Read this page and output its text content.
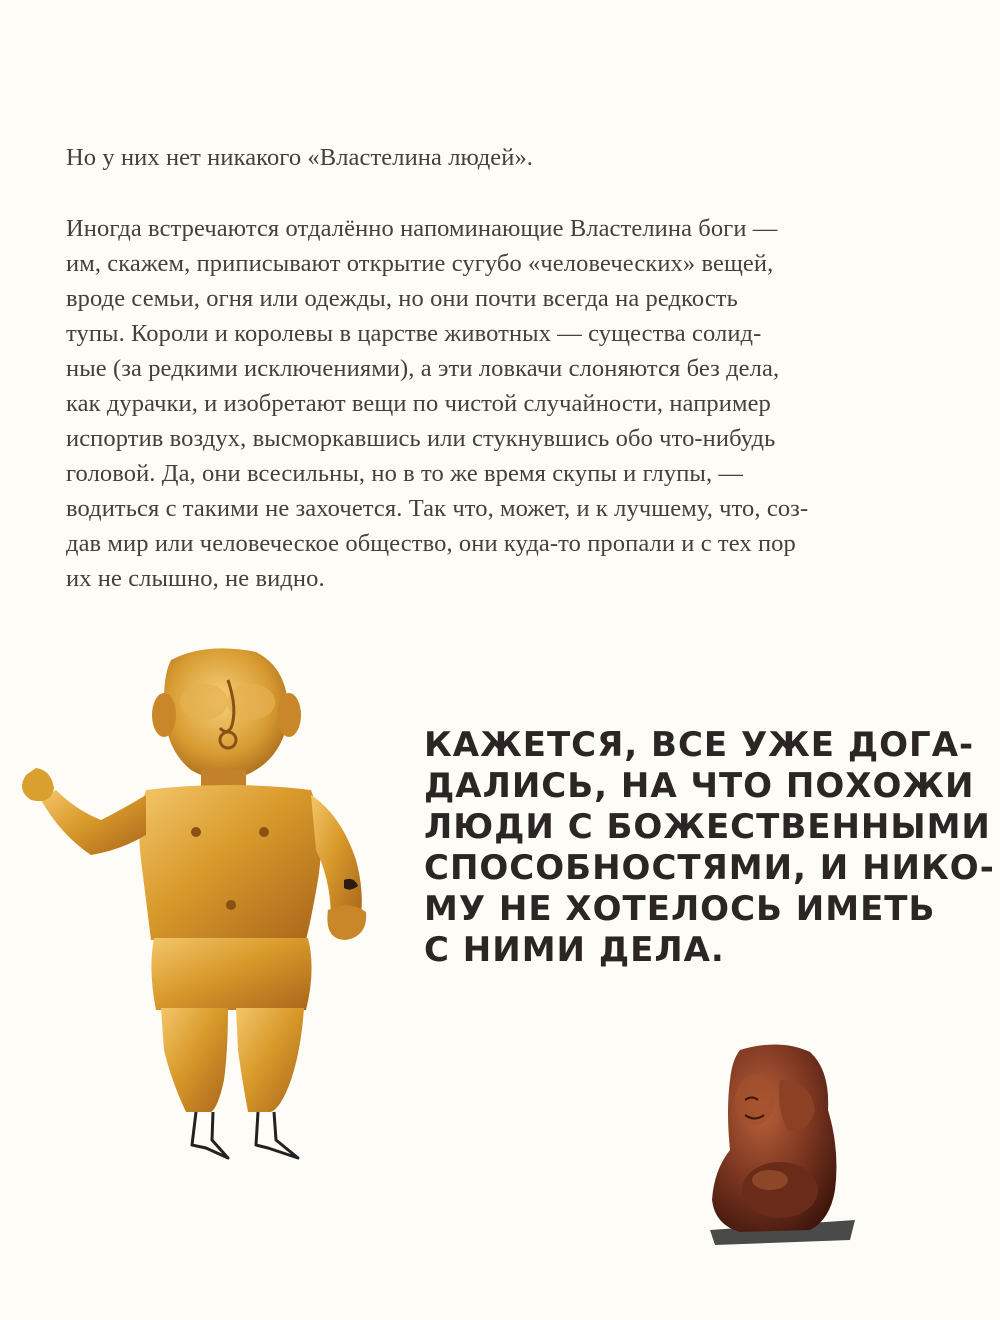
Но у них нет никакого «Властелина людей».
Иногда встречаются отдалённо напоминающие Властелина боги —
им, скажем, приписывают открытие сугубо «человеческих» вещей,
вроде семьи, огня или одежды, но они почти всегда на редкость
тупы. Короли и королевы в царстве животных — существа солид-
ные (за редкими исключениями), а эти ловкачи слоняются без дела,
как дурачки, и изобретают вещи по чистой случайности, например
испортив воздух, высморкавшись или стукнувшись обо что-нибудь
головой. Да, они всесильны, но в то же время скупы и глупы, —
водиться с такими не захочется. Так что, может, и к лучшему, что, соз-
дав мир или человеческое общество, они куда-то пропали и с тех пор
их не слышно, не видно.
КАЖЕТСЯ, ВСЕ УЖЕ ДОГА-
ДАЛИСЬ, НА ЧТО ПОХОЖИ
ЛЮДИ С БОЖЕСТВЕННЫМИ
СПОСОБНОСТЯМИ, И НИКО-
МУ НЕ ХОТЕЛОСЬ ИМЕТЬ
С НИМИ ДЕЛА.
